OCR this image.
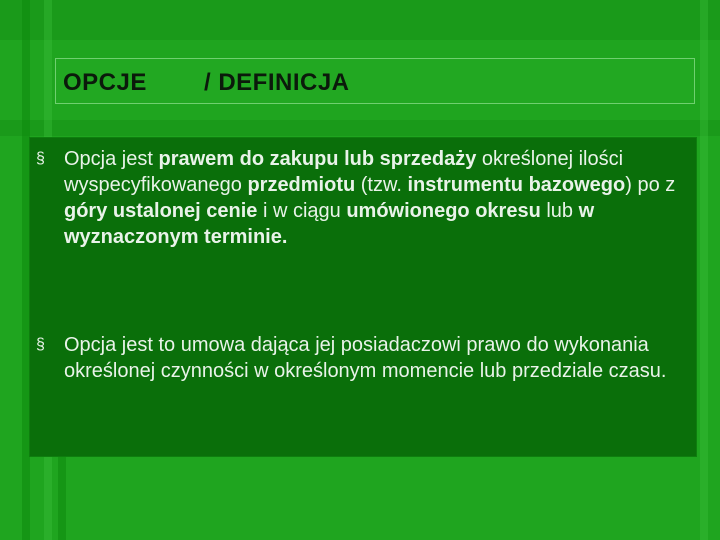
OPCJE / DEFINICJA
§ Opcja jest prawem do zakupu lub sprzedaży określonej ilości wyspecyfikowanego przedmiotu (tzw. instrumentu bazowego) po z góry ustalonej cenie i w ciągu umówionego okresu lub w wyznaczonym terminie.
§ Opcja jest to umowa dająca jej posiadaczowi prawo do wykonania określonej czynności w określonym momencie lub przedziale czasu.
